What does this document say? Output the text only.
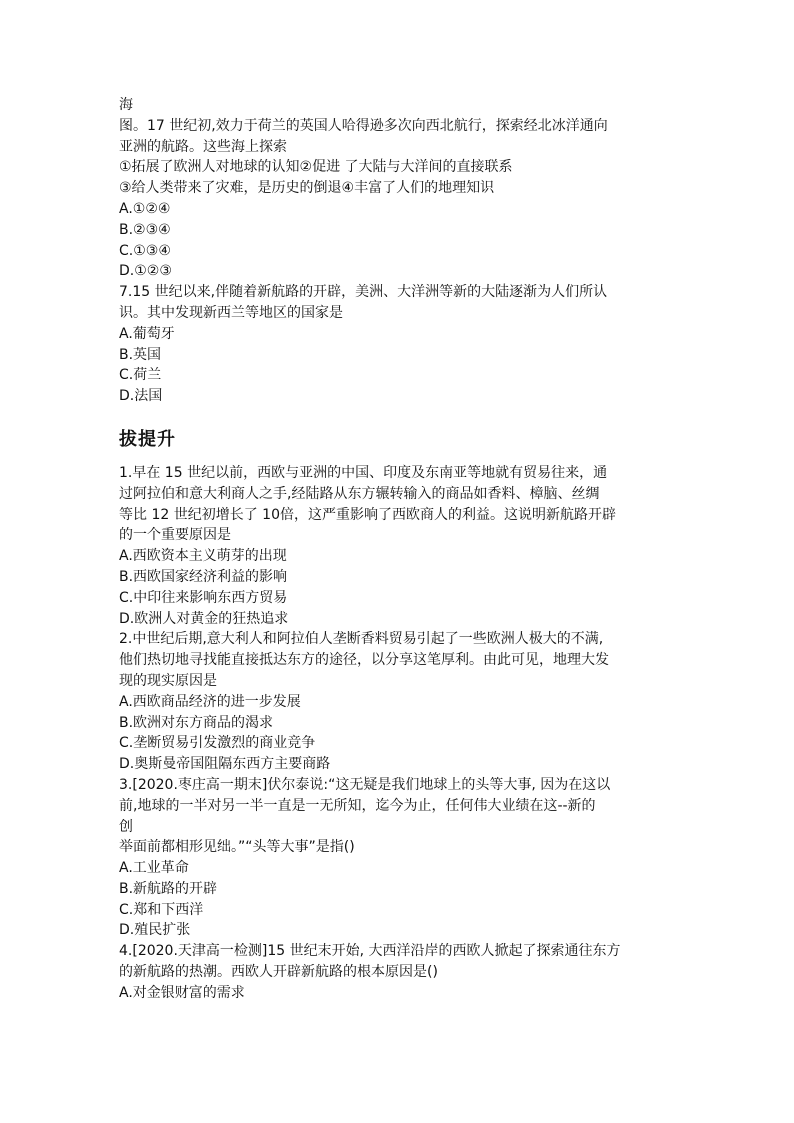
海
图。17 世纪初,效力于荷兰的英国人哈得逊多次向西北航行，探索经北冰洋通向
亚洲的航路。这些海上探索
①拓展了欧洲人对地球的认知②促进 了大陆与大洋间的直接联系
③给人类带来了灾难，是历史的倒退④丰富了人们的地理知识
A.①②④
B.②③④
C.①③④
D.①②③
7.15 世纪以来,伴随着新航路的开辟，美洲、大洋洲等新的大陆逐渐为人们所认
识。其中发现新西兰等地区的国家是
A.葡萄牙
B.英国
C.荷兰
D.法国
拔提升
1.早在 15 世纪以前，西欧与亚洲的中国、印度及东南亚等地就有贸易往来，通
过阿拉伯和意大利商人之手,经陆路从东方辗转输入的商品如香料、樟脑、丝绸
等比 12 世纪初增长了 10倍，这严重影响了西欧商人的利益。这说明新航路开辟
的一个重要原因是
A.西欧资本主义萌芽的出现
B.西欧国家经济利益的影响
C.中印往来影响东西方贸易
D.欧洲人对黄金的狂热追求
2.中世纪后期,意大利人和阿拉伯人垄断香料贸易引起了一些欧洲人极大的不满,
他们热切地寻找能直接抵达东方的途径，以分享这笔厚利。由此可见，地理大发
现的现实原因是
A.西欧商品经济的进一步发展
B.欧洲对东方商品的渴求
C.垄断贸易引发激烈的商业竞争
D.奥斯曼帝国阻隔东西方主要商路
3.[2020.枣庄高一期末]伏尔泰说:“这无疑是我们地球上的头等大事, 因为在这以
前,地球的一半对另一半一直是一无所知，迄今为止，任何伟大业绩在这--新的
创
举面前都相形见绌。”“头等大事”是指()
A.工业革命
B.新航路的开辟
C.郑和下西洋
D.殖民扩张
4.[2020.天津高一检测]15 世纪末开始, 大西洋沿岸的西欧人掀起了探索通往东方
的新航路的热潮。西欧人开辟新航路的根本原因是()
A.对金银财富的需求
